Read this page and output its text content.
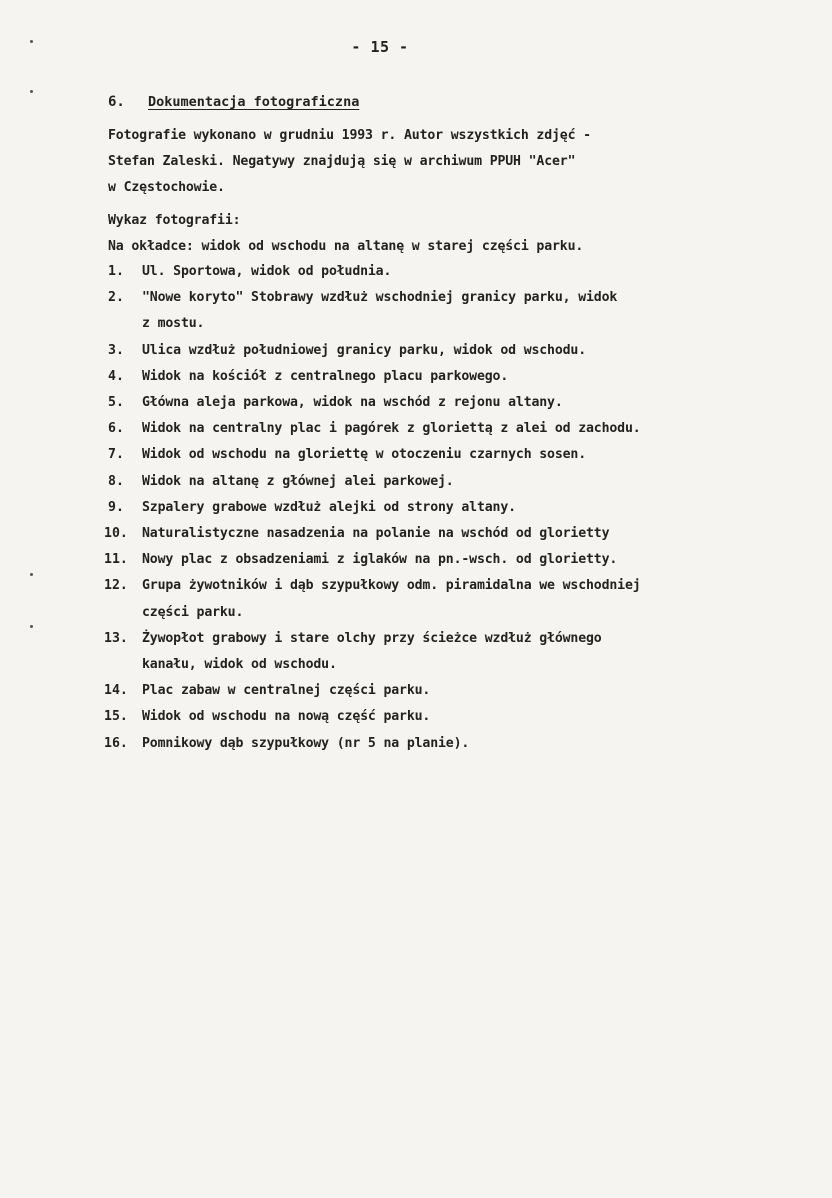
- 15 -
6. Dokumentacja fotograficzna
Fotografie wykonano w grudniu 1993 r. Autor wszystkich zdjęć -
Stefan Zaleski. Negatywy znajdują się w archiwum PPUH "Acer"
w Częstochowie.
Wykaz fotografii:
Na okładce: widok od wschodu na altanę w starej części parku.
1.	Ul. Sportowa, widok od południa.
2.	"Nowe koryto" Stobrawy wzdłuż wschodniej granicy parku, widok
z mostu.
3.	Ulica wzdłuż południowej granicy parku, widok od wschodu.
4.	Widok na kościół z centralnego placu parkowego.
5.	Główna aleja parkowa, widok na wschód z rejonu altany.
6.	Widok na centralny plac i pagórek z gloriettą z alei od zachodu.
7.	Widok od wschodu na gloriettę w otoczeniu czarnych sosen.
8.	Widok na altanę z głównej alei parkowej.
9.	Szpalery grabowe wzdłuż alejki od strony altany.
10.	Naturalistyczne nasadzenia na polanie na wschód od glorietty
11.	Nowy plac z obsadzeniami z iglaków na pn.-wsch. od glorietty.
12.	Grupa żywotników i dąb szypułkowy odm. piramidalna we wschodniej
części parku.
13.	Żywopłot grabowy i stare olchy przy ścieżce wzdłuż głównego
kanału, widok od wschodu.
14.	Plac zabaw w centralnej części parku.
15.	Widok od wschodu na nową część parku.
16.	Pomnikowy dąb szypułkowy (nr 5 na planie).
